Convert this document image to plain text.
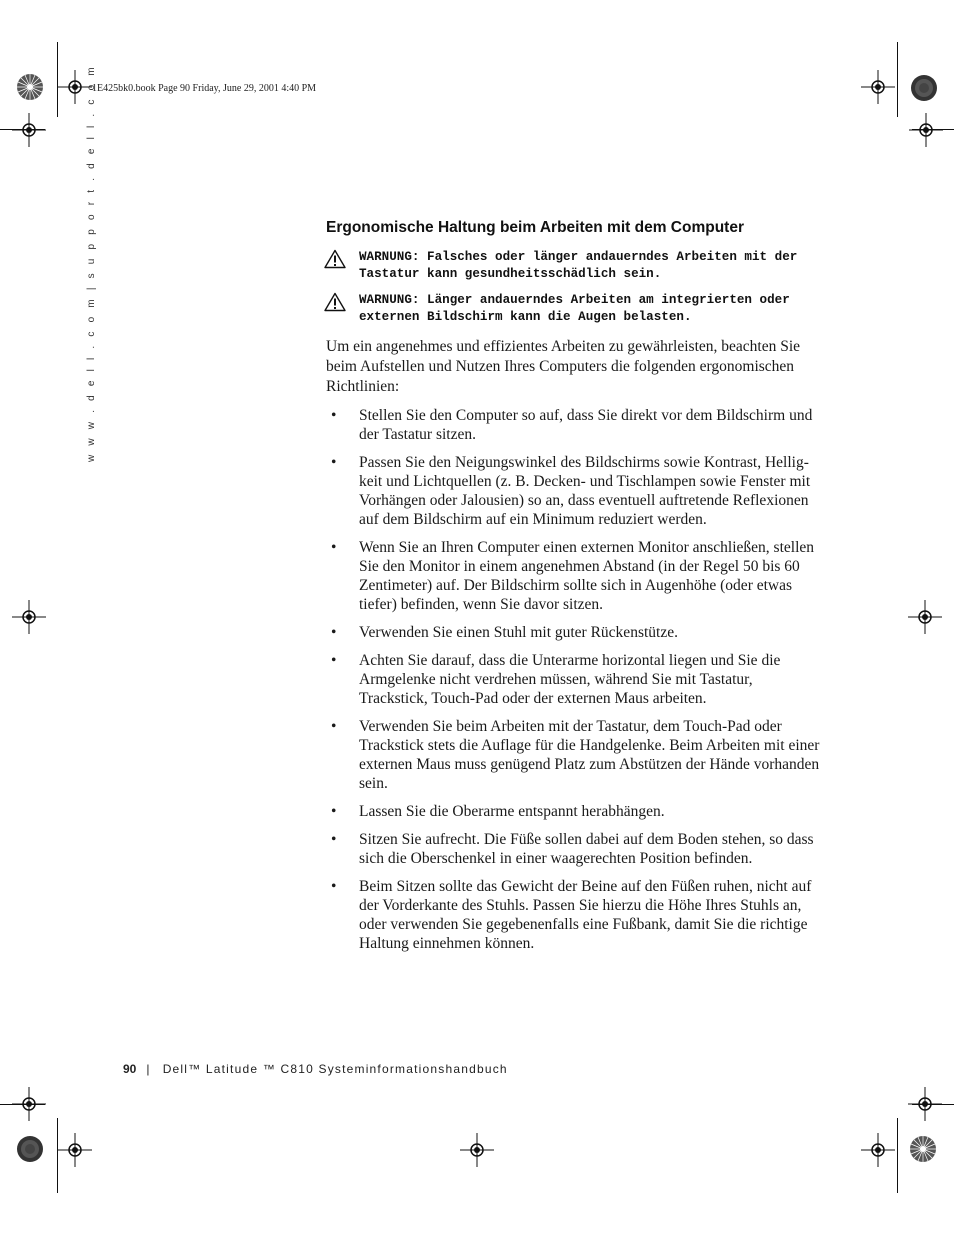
1E425bk0.book Page 90 Friday, June 29, 2001 4:40 PM
w w w . d e l l . c o m | s u p p o r t . d e l l . c o m	Ergonomische Haltung beim Arbeiten mit dem Computer
WARNUNG: Falsches oder länger andauerndes Arbeiten mit der Tastatur kann gesundheitsschädlich sein.
WARNUNG: Länger andauerndes Arbeiten am integrierten oder externen Bildschirm kann die Augen belasten.
Um ein angenehmes und effizientes Arbeiten zu gewährleisten, beachten Sie beim Aufstellen und Nutzen Ihres Computers die folgenden ergonomischen Richtlinien:
• Stellen Sie den Computer so auf, dass Sie direkt vor dem Bildschirm und der Tastatur sitzen.
• Passen Sie den Neigungswinkel des Bildschirms sowie Kontrast, Hellig-keit und Lichtquellen (z. B. Decken- und Tischlampen sowie Fenster mit Vorhängen oder Jalousien) so an, dass eventuell auftretende Reflexionen auf dem Bildschirm auf ein Minimum reduziert werden.
• Wenn Sie an Ihren Computer einen externen Monitor anschließen, stellen Sie den Monitor in einem angenehmen Abstand (in der Regel 50 bis 60 Zentimeter) auf. Der Bildschirm sollte sich in Augenhöhe (oder etwas tiefer) befinden, wenn Sie davor sitzen.
• Verwenden Sie einen Stuhl mit guter Rückenstütze.
• Achten Sie darauf, dass die Unterarme horizontal liegen und Sie die Armgelenke nicht verdrehen müssen, während Sie mit Tastatur, Trackstick, Touch-Pad oder der externen Maus arbeiten.
• Verwenden Sie beim Arbeiten mit der Tastatur, dem Touch-Pad oder Trackstick stets die Auflage für die Handgelenke. Beim Arbeiten mit einer externen Maus muss genügend Platz zum Abstützen der Hände vorhanden sein.
• Lassen Sie die Oberarme entspannt herabhängen.
• Sitzen Sie aufrecht. Die Füße sollen dabei auf dem Boden stehen, so dass sich die Oberschenkel in einer waagerechten Position befinden.
• Beim Sitzen sollte das Gewicht der Beine auf den Füßen ruhen, nicht auf der Vorderkante des Stuhls. Passen Sie hierzu die Höhe Ihres Stuhls an, oder verwenden Sie gegebenenfalls eine Fußbank, damit Sie die richtige Haltung einnehmen können.
90 | Dell™ Latitude ™ C810 Systeminformationshandbuch
